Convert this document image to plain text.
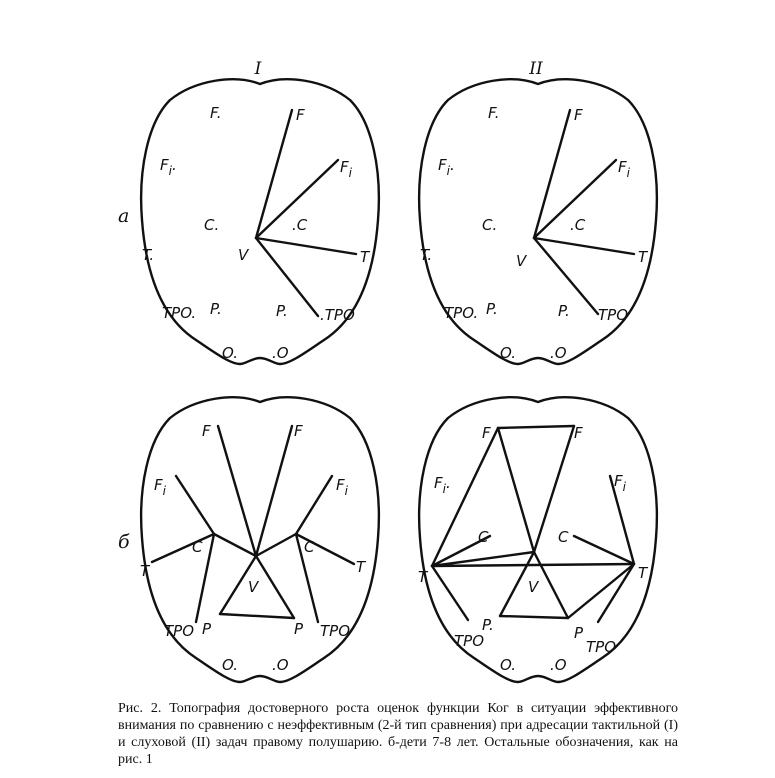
I	II
а
б
F.	F
$F_i$.	$F_i$
C.	.C
T.	T
V
TPO.	.TPO
P.	P.
O. .O
F.	F
$F_i$.	$F_i$
C.	.C
T.	T
V
TPO.	TPO
P.	P.
O. .O
F	F
$F_i$	$F_i$
C	C
T	T
V
TPO	TPO
P	P
O. .O
F	F
$F_i$.	$F_i$
C	C
T	T
V
TPO	TPO
P.	P
O. .O
Рис. 2. Топография достоверного роста оценок функции Ког в ситуации эффективного внимания по сравнению с неэффективным (2-й тип сравнения) при адресации тактильной (I) и слуховой (II) задач правому полушарию. б-дети 7-8 лет. Остальные обозначения, как на рис. 1
